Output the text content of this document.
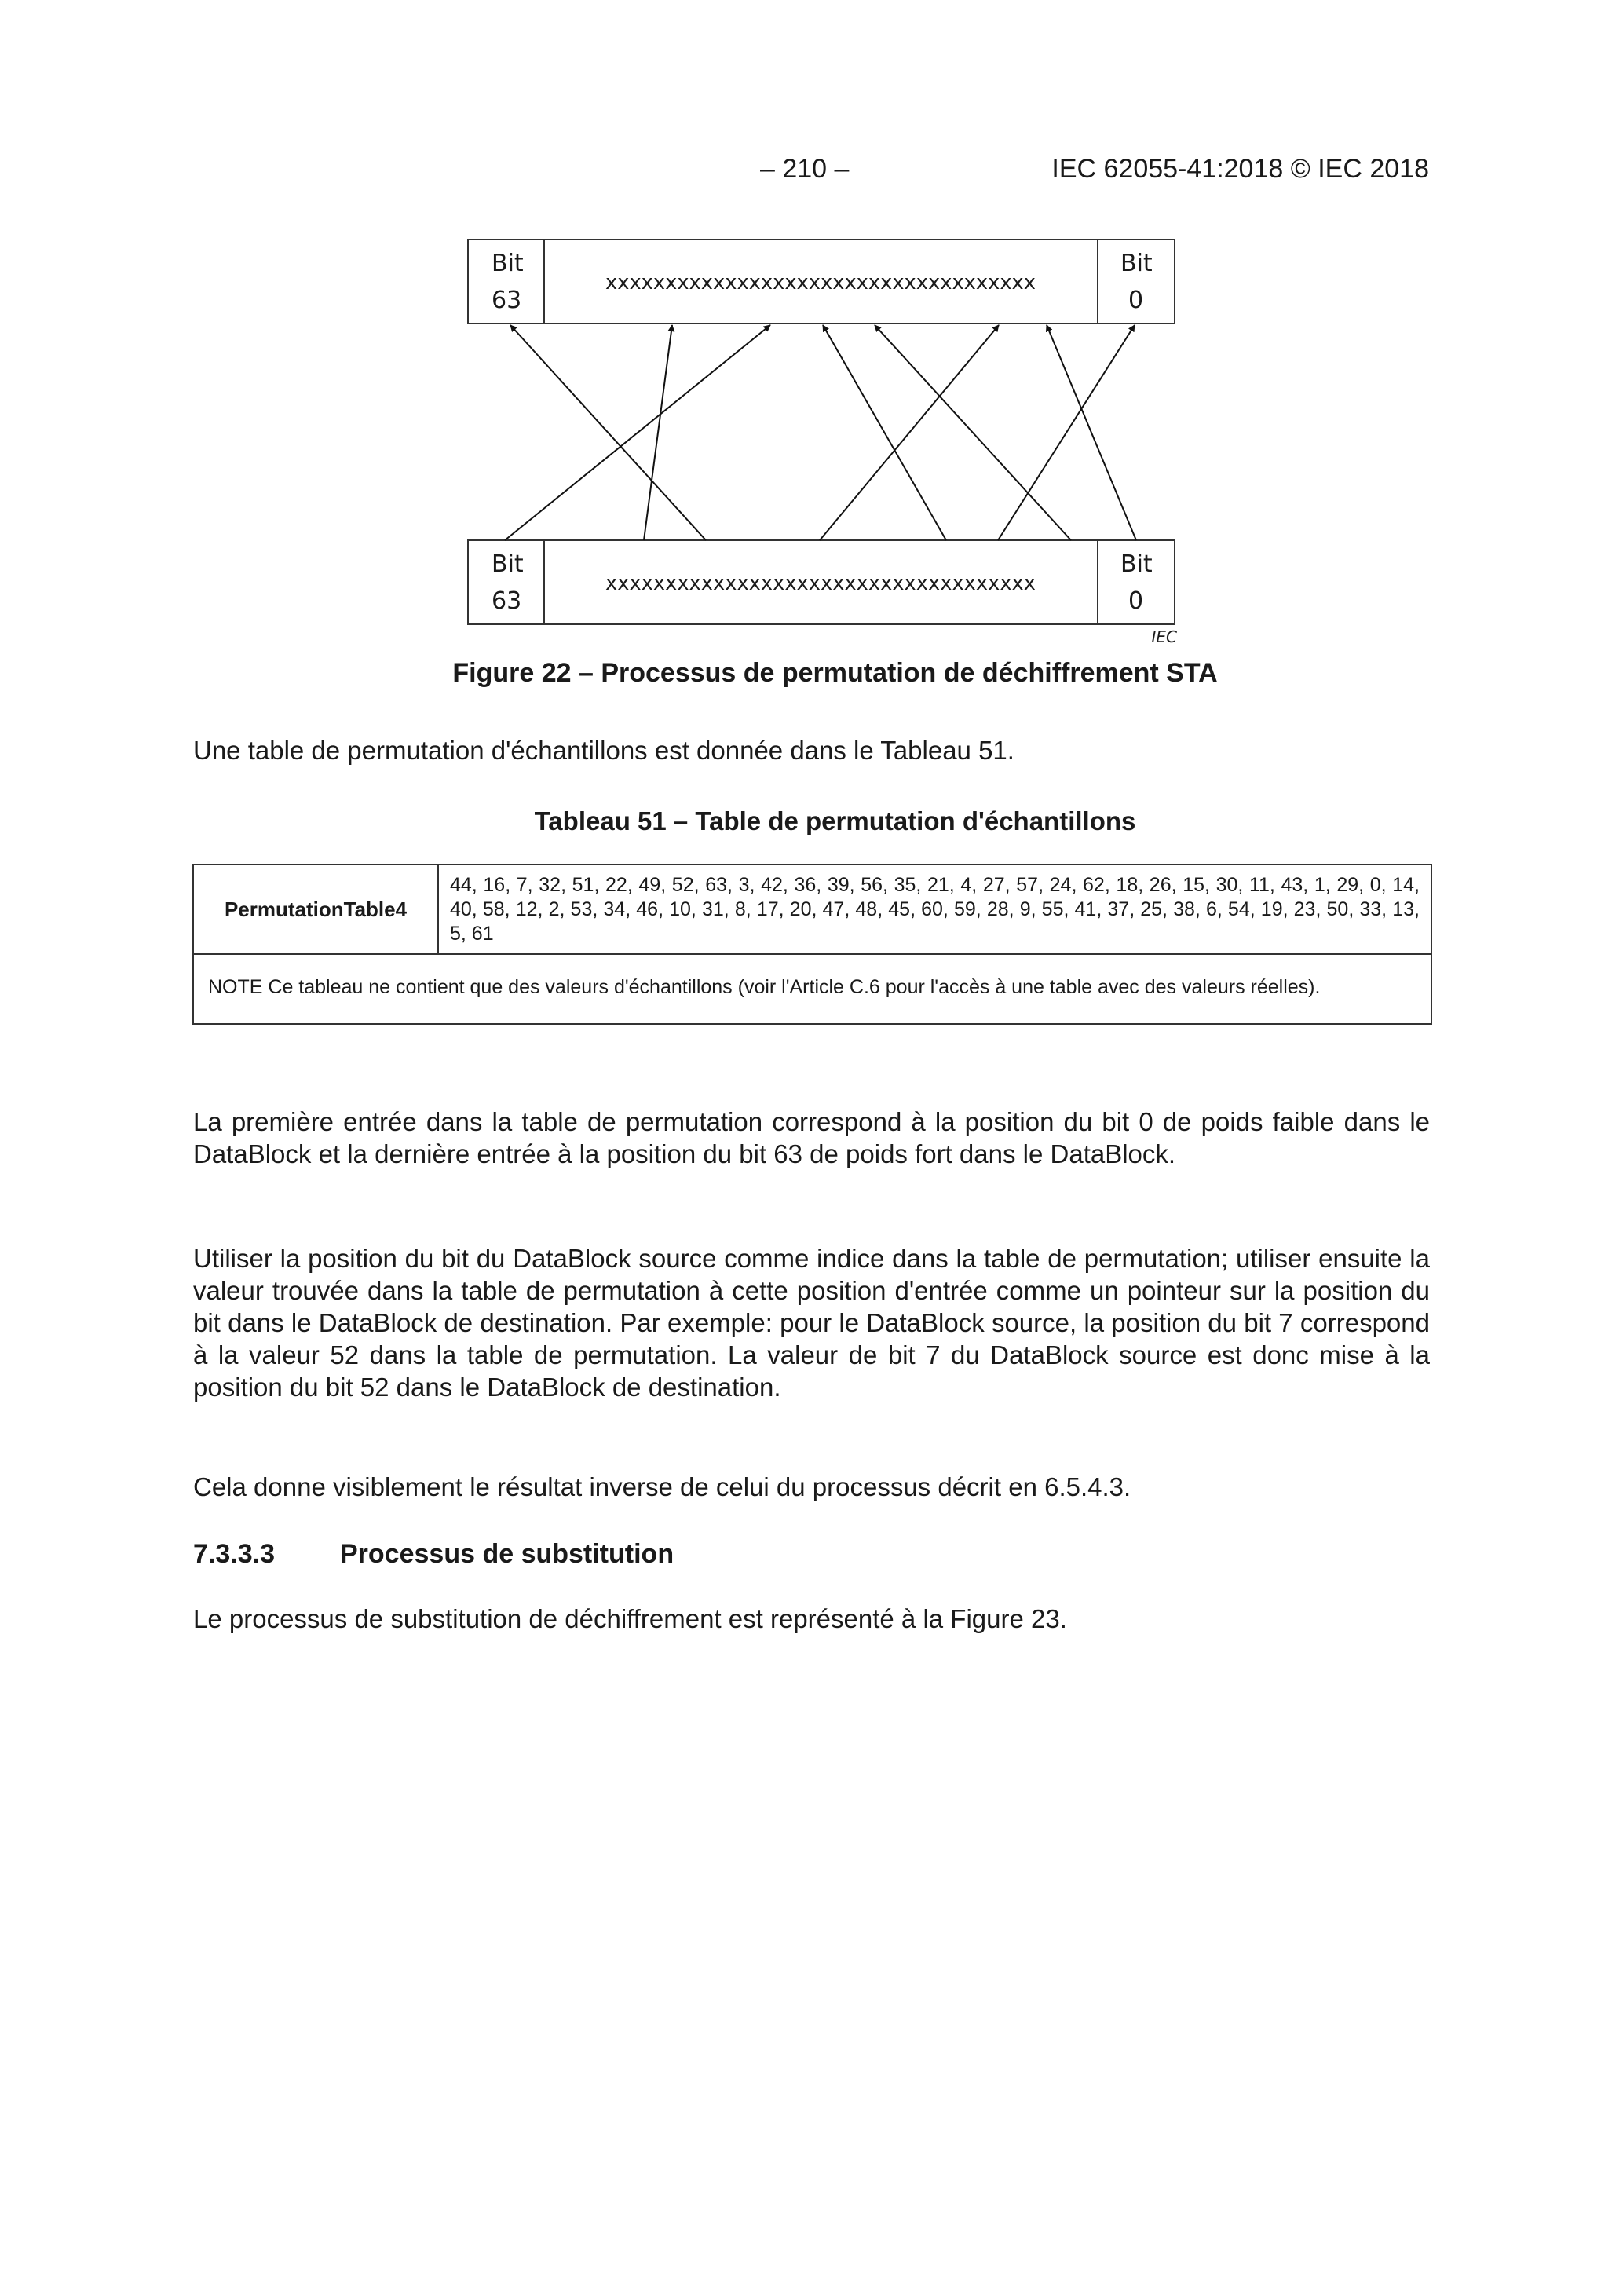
– 210 –	IEC 62055-41:2018 © IEC 2018
Bit
63
xxxxxxxxxxxxxxxxxxxxxxxxxxxxxxxxxxxx
Bit
0
Bit
63
xxxxxxxxxxxxxxxxxxxxxxxxxxxxxxxxxxxx
Bit
0
IEC
Figure 22 – Processus de permutation de déchiffrement STA
Une table de permutation d'échantillons est donnée dans le Tableau 51.
Tableau 51 – Table de permutation d'échantillons
PermutationTable4	44, 16, 7, 32, 51, 22, 49, 52, 63, 3, 42, 36, 39, 56, 35, 21, 4, 27, 57, 24, 62, 18, 26, 15, 30, 11, 43, 1, 29, 0, 14, 40, 58, 12, 2, 53, 34, 46, 10, 31, 8, 17, 20, 47, 48, 45, 60, 59, 28, 9, 55, 41, 37, 25, 38, 6, 54, 19, 23, 50, 33, 13, 5, 61
NOTE Ce tableau ne contient que des valeurs d'échantillons (voir l'Article C.6 pour l'accès à une table avec des valeurs réelles).
La première entrée dans la table de permutation correspond à la position du bit 0 de poids faible dans le DataBlock et la dernière entrée à la position du bit 63 de poids fort dans le DataBlock.
Utiliser la position du bit du DataBlock source comme indice dans la table de permutation; utiliser ensuite la valeur trouvée dans la table de permutation à cette position d'entrée comme un pointeur sur la position du bit dans le DataBlock de destination. Par exemple: pour le DataBlock source, la position du bit 7 correspond à la valeur 52 dans la table de permutation. La valeur de bit 7 du DataBlock source est donc mise à la position du bit 52 dans le DataBlock de destination.
Cela donne visiblement le résultat inverse de celui du processus décrit en 6.5.4.3.
7.3.3.3 Processus de substitution
Le processus de substitution de déchiffrement est représenté à la Figure 23.
